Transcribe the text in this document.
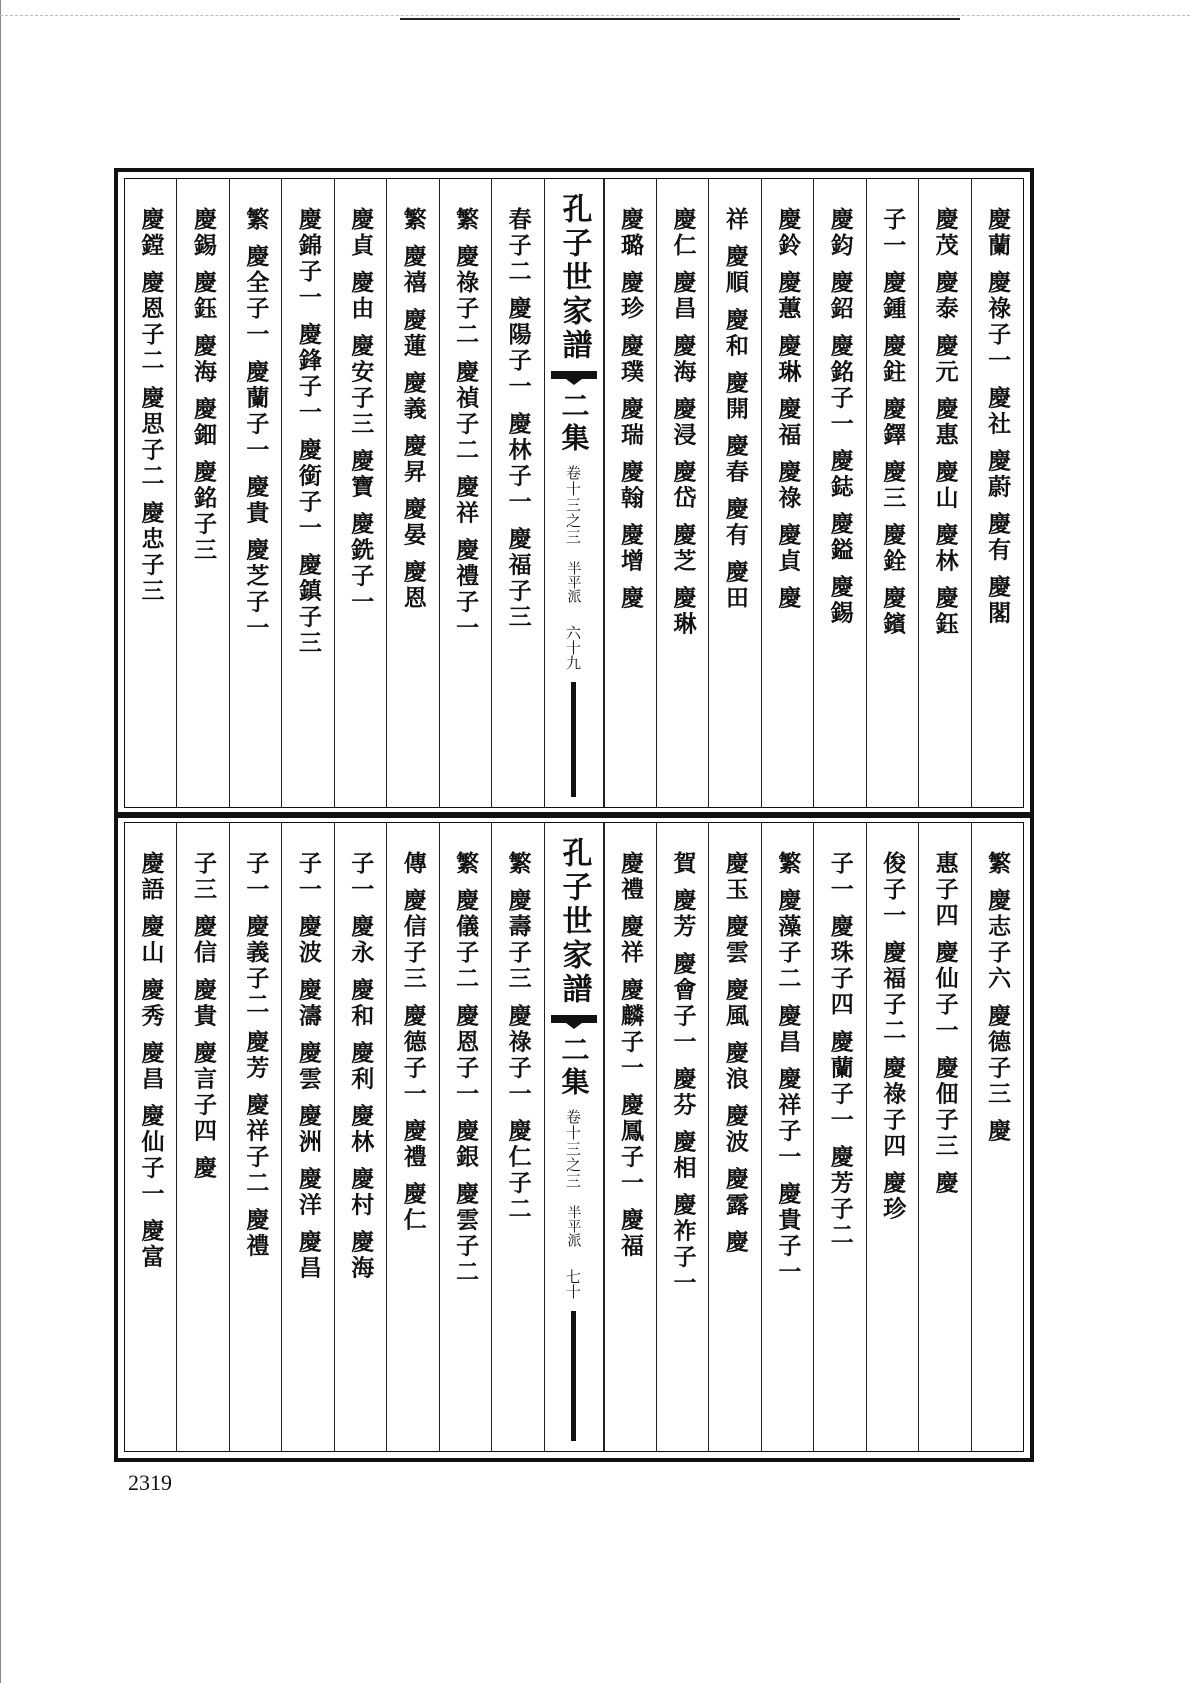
慶蘭 慶祿子一 慶社 慶蔚 慶有 慶閣
慶茂 慶泰 慶元 慶惠 慶山 慶林 慶鈺
子一 慶鍾 慶鉒 慶鐸 慶三 慶銓 慶鑌
慶鈞 慶鉊 慶銘子一 慶鋕 慶鎰 慶錫
慶鈴 慶蕙 慶琳 慶福 慶祿 慶貞 慶
祥 慶順 慶和 慶開 慶春 慶有 慶田
慶仁 慶昌 慶海 慶浸 慶岱 慶芝 慶琳
慶璐 慶珍 慶璞 慶瑞 慶翰 慶增 慶
孔子世家譜
二集
卷十三之三
半平派
六十九
春子二 慶陽子一 慶林子一 慶福子三
繁 慶祿子二 慶禎子二 慶祥 慶禮子一
繁 慶禧 慶蓮 慶義 慶昇 慶晏 慶恩
慶貞 慶由 慶安子三 慶寶 慶銑子一
慶錦子一 慶鋒子一 慶銜子一 慶鎮子三
繁 慶全子一 慶蘭子一 慶貴 慶芝子一
慶錫 慶鈺 慶海 慶鈿 慶銘子三
慶鏜 慶恩子二 慶思子二 慶忠子三
繁 慶志子六 慶德子三 慶
惠子四 慶仙子一 慶佃子三 慶
俊子一 慶福子二 慶祿子四 慶珍
子一 慶珠子四 慶蘭子一 慶芳子二
繁 慶藻子二 慶昌 慶祥子一 慶貴子一
慶玉 慶雲 慶風 慶浪 慶波 慶露 慶
賀 慶芳 慶會子一 慶芬 慶相 慶祚子一
慶禮 慶祥 慶麟子一 慶鳳子一 慶福
孔子世家譜
二集
卷十三之三
半平派
七十
繁 慶壽子三 慶祿子一 慶仁子二
繁 慶儀子二 慶恩子一 慶銀 慶雲子二
傳 慶信子三 慶德子一 慶禮 慶仁
子一 慶永 慶和 慶利 慶林 慶村 慶海
子一 慶波 慶濤 慶雲 慶洲 慶洋 慶昌
子一 慶義子二 慶芳 慶祥子二 慶禮
子三 慶信 慶貴 慶言子四 慶
慶語 慶山 慶秀 慶昌 慶仙子一 慶富
2319
